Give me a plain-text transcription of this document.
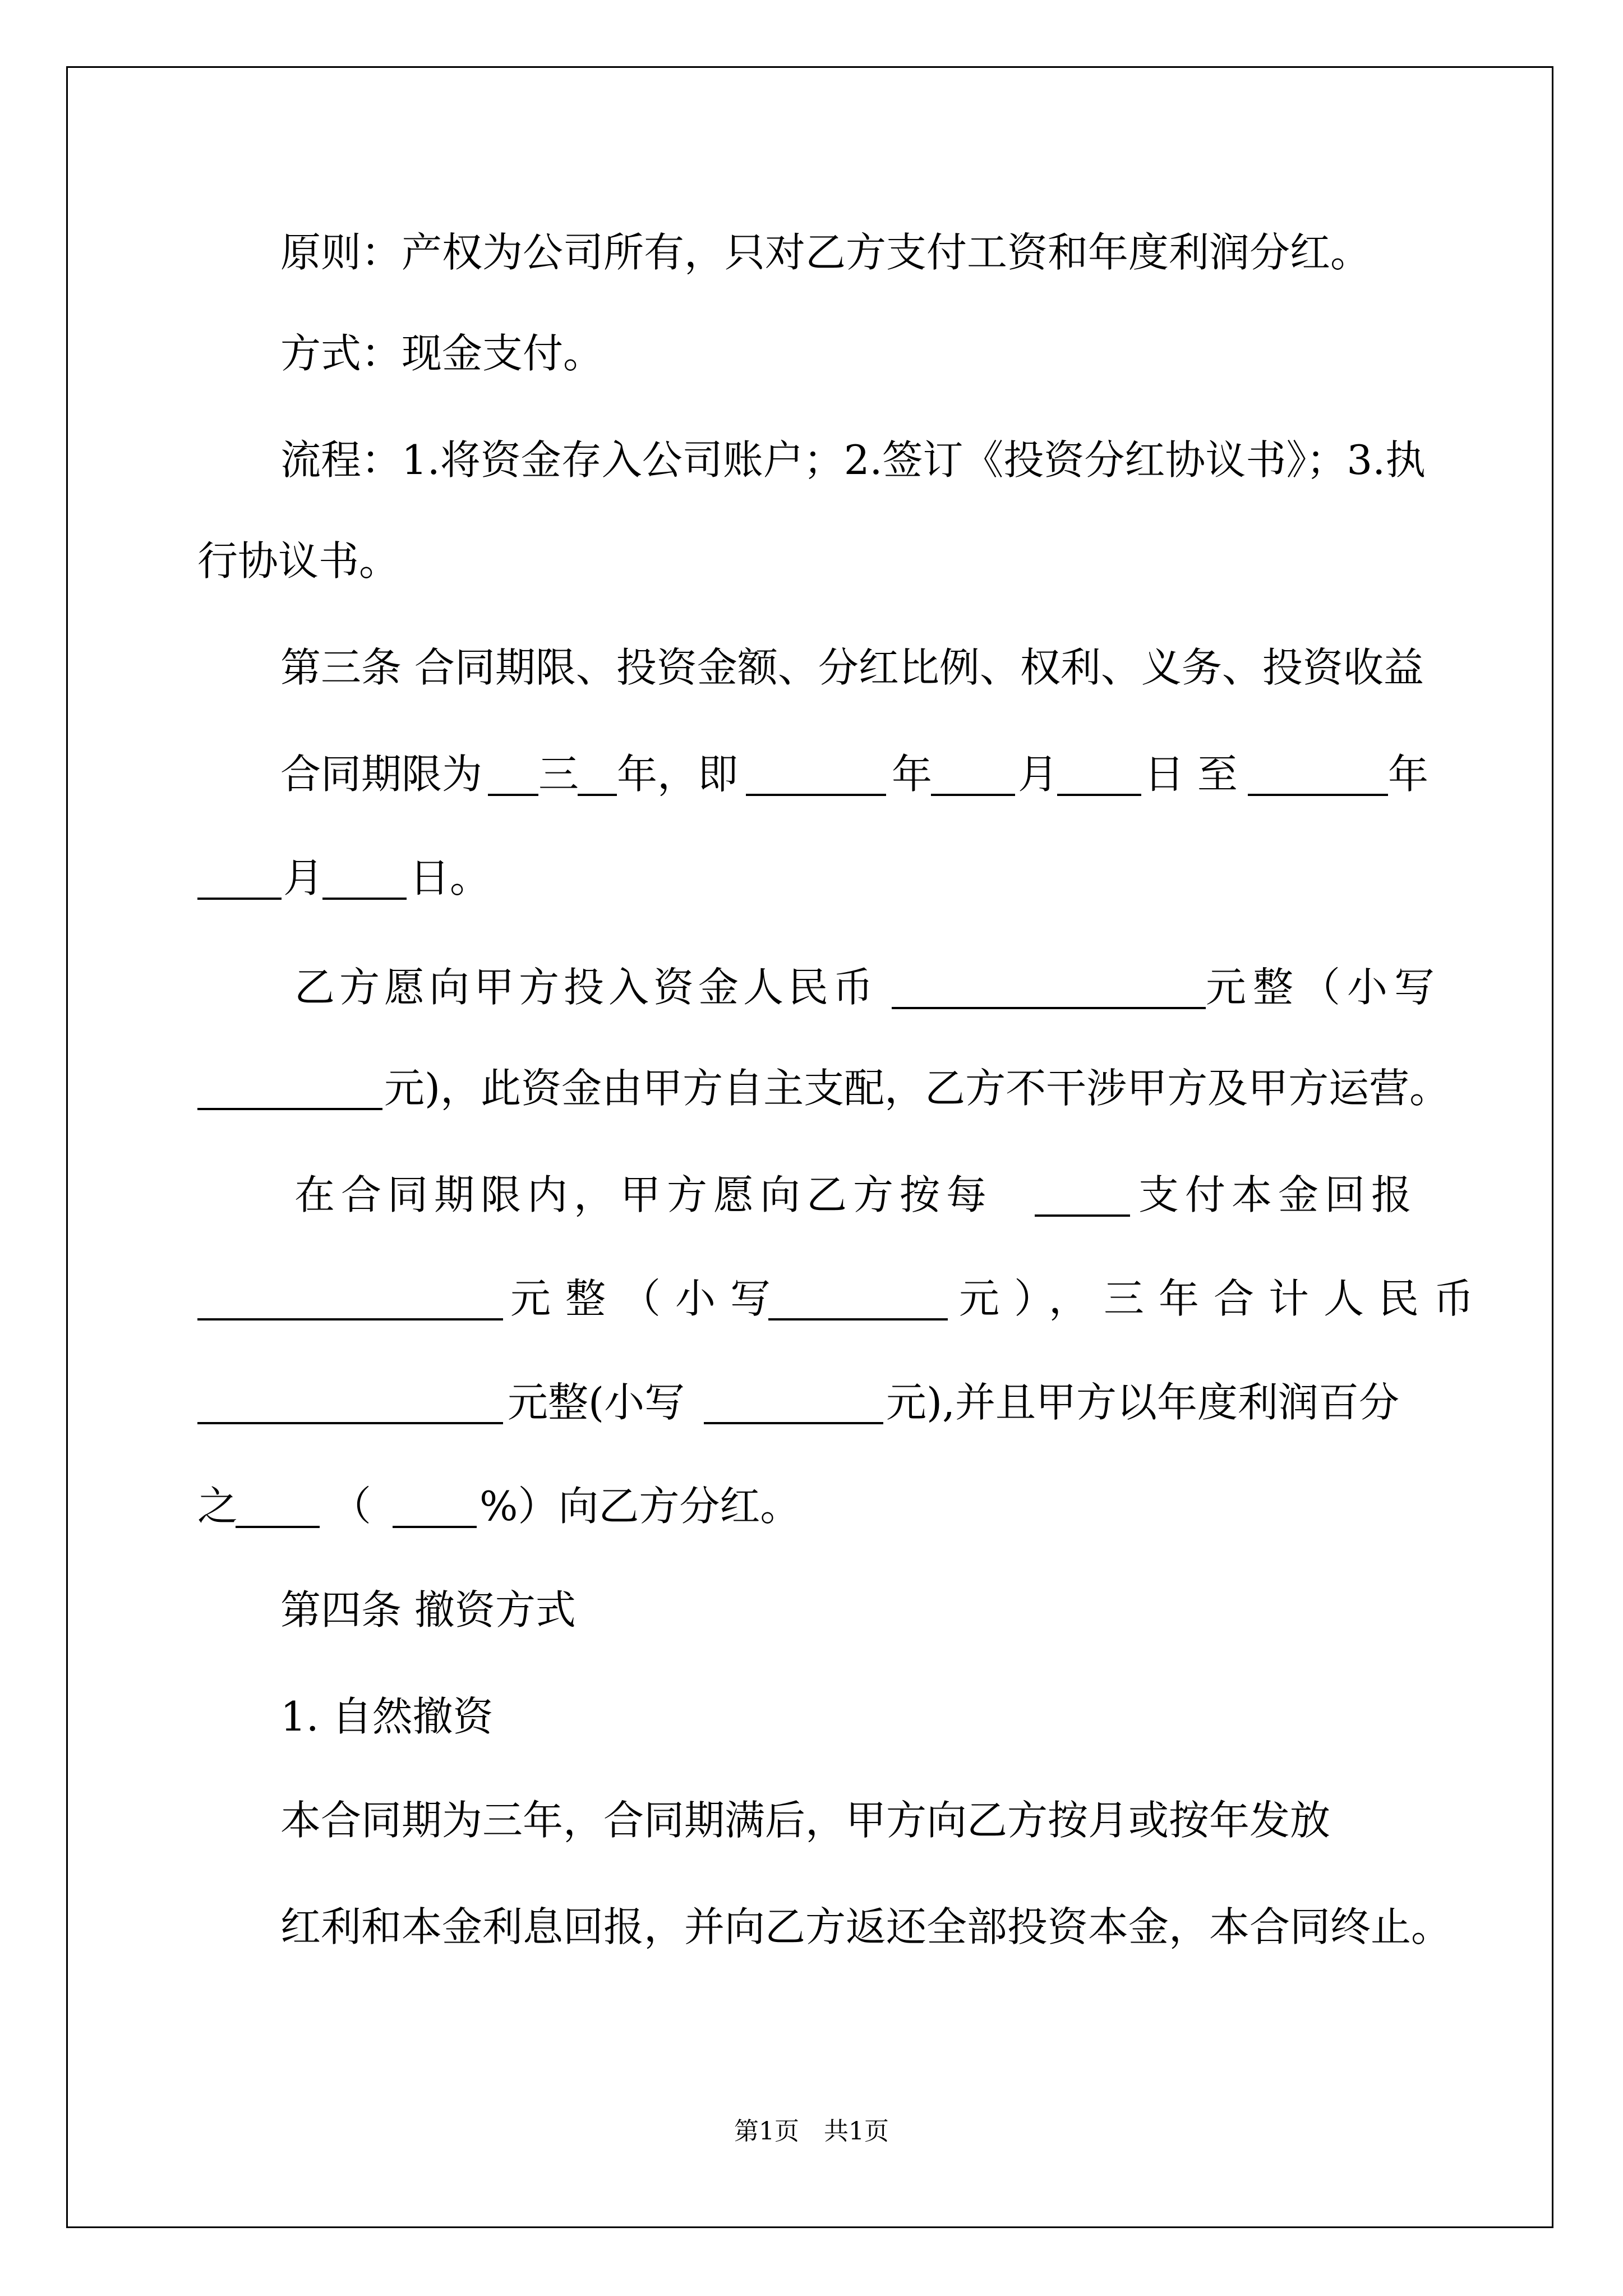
原则：产权为公司所有，只对乙方支付工资和年度利润分红。
方式：现金支付。
流程：1.将资金存入公司账户；2.签订《投资分红协议书》；3.执
行协议书。
第三条 合同期限、投资金额、分红比例、权利、义务、投资收益
合同期限为 三 年，即	年 月 日 至	年
月 日。
乙方愿向甲方投入资金人民币	元整（小写
元)，此资金由甲方自主支配，乙方不干涉甲方及甲方运营。
在合同期限内，甲方愿向乙方按每	支付本金回报
元整（小写	元），三年合计人民币
元整(小写	元),并且甲方以年度利润百分
之 （	%）向乙方分红。
第四条 撤资方式
1. 自然撤资
本合同期为三年，合同期满后，甲方向乙方按月或按年发放
红利和本金利息回报，并向乙方返还全部投资本金，本合同终止。
第1页　共1页
